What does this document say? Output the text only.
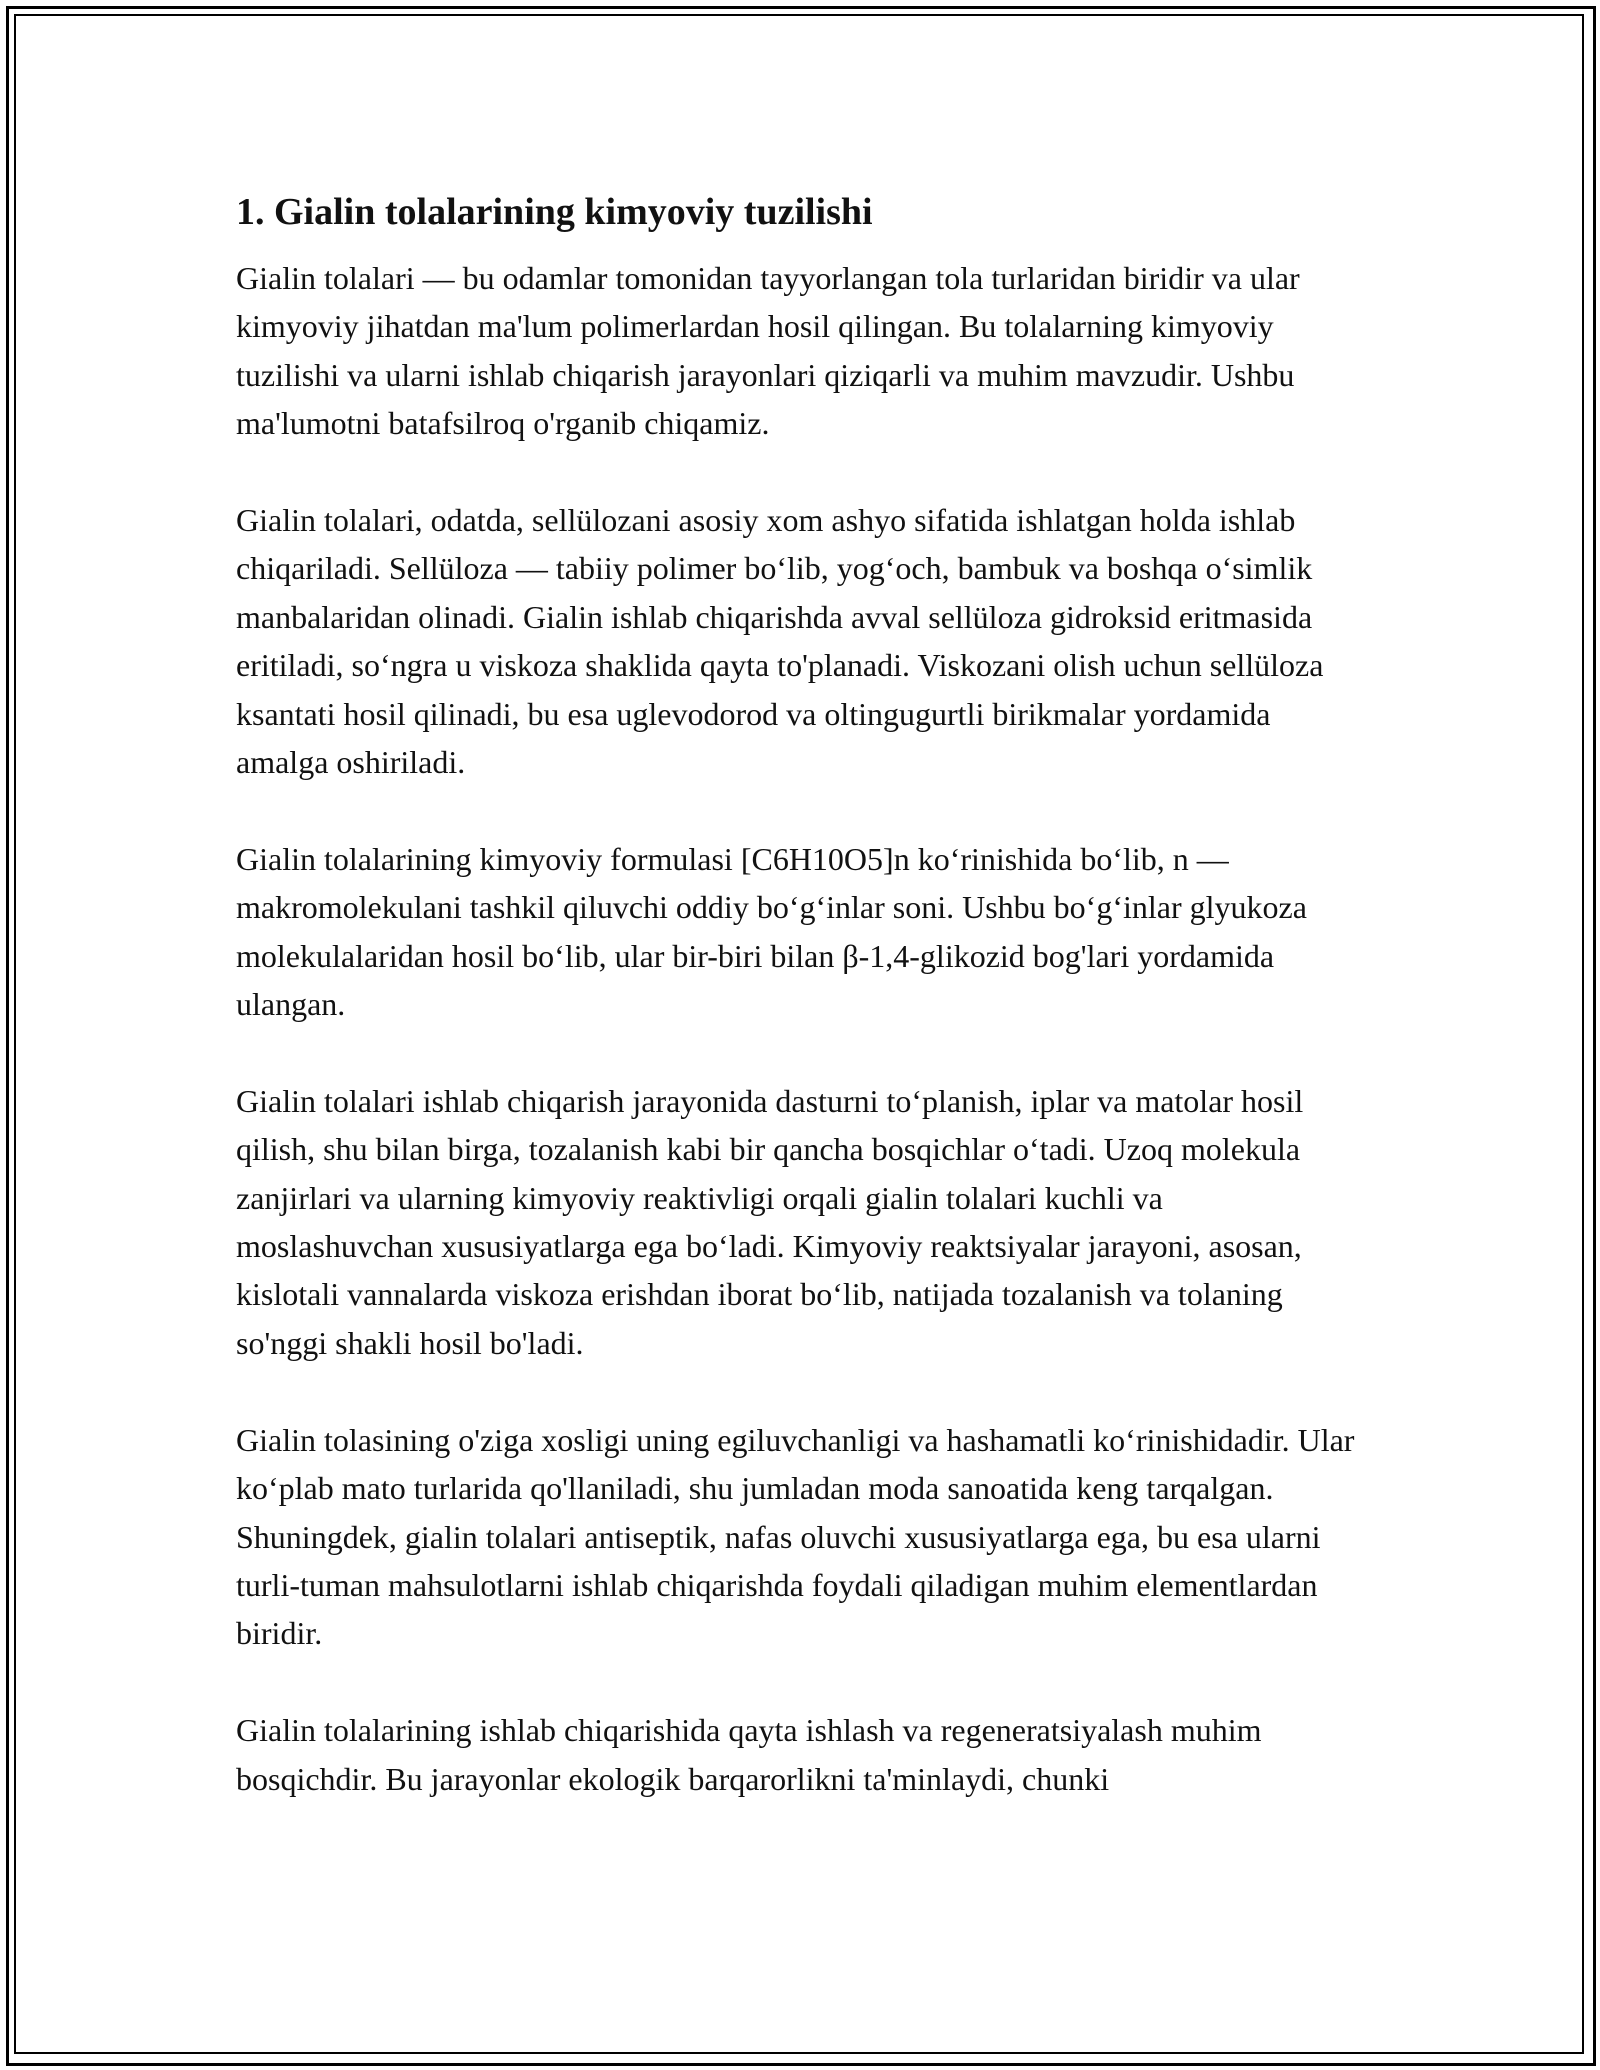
1. Gialin tolalarining kimyoviy tuzilishi

Gialin tolalari — bu odamlar tomonidan tayyorlangan tola turlaridan biridir va ular kimyoviy jihatdan ma'lum polimerlardan hosil qilingan. Bu tolalarning kimyoviy tuzilishi va ularni ishlab chiqarish jarayonlari qiziqarli va muhim mavzudir. Ushbu ma'lumotni batafsilroq o'rganib chiqamiz.

Gialin tolalari, odatda, sellülozani asosiy xom ashyo sifatida ishlatgan holda ishlab chiqariladi. Sellüloza — tabiiy polimer boʻlib, yogʻoch, bambuk va boshqa oʻsimlik manbalaridan olinadi. Gialin ishlab chiqarishda avval sellüloza gidroksid eritmasida eritiladi, soʻngra u viskoza shaklida qayta to'planadi. Viskozani olish uchun sellüloza ksantati hosil qilinadi, bu esa uglevodorod va oltingugurtli birikmalar yordamida amalga oshiriladi.

Gialin tolalarining kimyoviy formulasi [C6H10O5]n koʻrinishida boʻlib, n — makromolekulani tashkil qiluvchi oddiy boʻgʻinlar soni. Ushbu boʻgʻinlar glyukoza molekulalaridan hosil boʻlib, ular bir-biri bilan β-1,4-glikozid bog'lari yordamida ulangan.

Gialin tolalari ishlab chiqarish jarayonida dasturni toʻplanish, iplar va matolar hosil qilish, shu bilan birga, tozalanish kabi bir qancha bosqichlar oʻtadi. Uzoq molekula zanjirlari va ularning kimyoviy reaktivligi orqali gialin tolalari kuchli va moslashuvchan xususiyatlarga ega boʻladi. Kimyoviy reaktsiyalar jarayoni, asosan, kislotali vannalarda viskoza erishdan iborat boʻlib, natijada tozalanish va tolaning so'nggi shakli hosil bo'ladi.

Gialin tolasining o'ziga xosligi uning egiluvchanligi va hashamatli koʻrinishidadir. Ular koʻplab mato turlarida qo'llaniladi, shu jumladan moda sanoatida keng tarqalgan. Shuningdek, gialin tolalari antiseptik, nafas oluvchi xususiyatlarga ega, bu esa ularni turli-tuman mahsulotlarni ishlab chiqarishda foydali qiladigan muhim elementlardan biridir.

Gialin tolalarining ishlab chiqarishida qayta ishlash va regeneratsiyalash muhim bosqichdir. Bu jarayonlar ekologik barqarorlikni ta'minlaydi, chunki
